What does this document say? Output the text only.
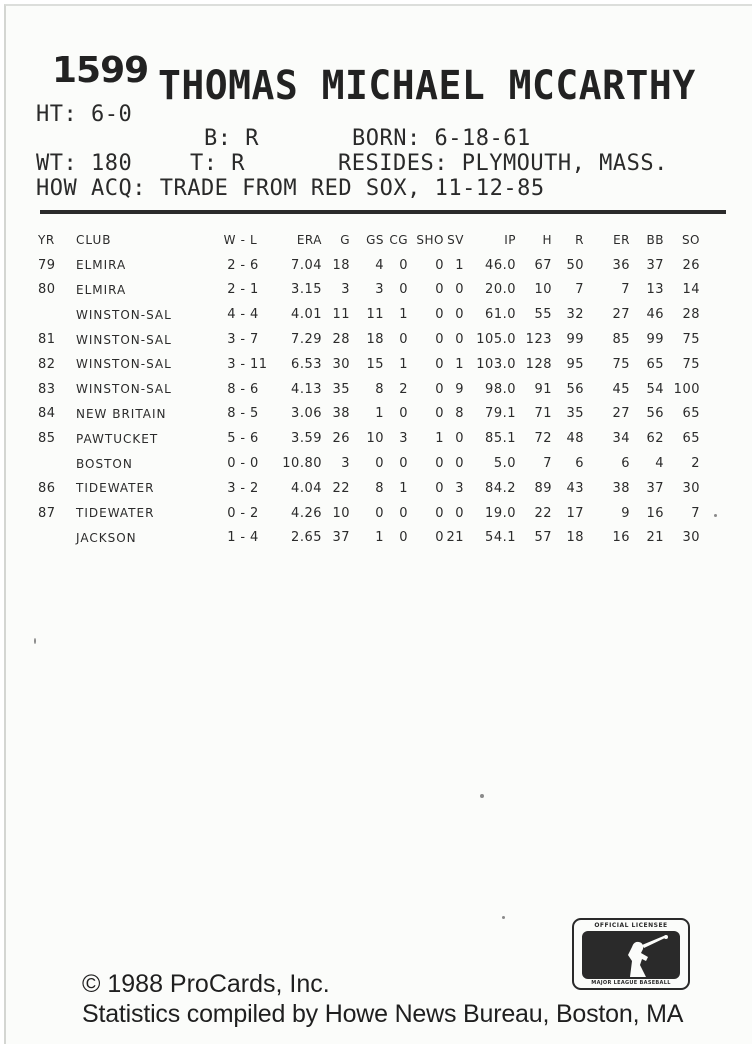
1599 THOMAS MICHAEL MCCARTHY
HT: 6-0
B: R	BORN: 6-18-61
WT: 180	T: R	RESIDES: PLYMOUTH, MASS.
HOW ACQ: TRADE FROM RED SOX, 11-12-85
YR	CLUB	W	-	L	ERA	G	GS	CG	SHO	SV	IP	H	R	ER	BB	SO
79	ELMIRA	2	-	6	7.04	18	4	0	0	1	46.0	67	50	36	37	26
80	ELMIRA	2	-	1	3.15	3	3	0	0	0	20.0	10	7	7	13	14
	WINSTON-SAL	4	-	4	4.01	11	11	1	0	0	61.0	55	32	27	46	28
81	WINSTON-SAL	3	-	7	7.29	28	18	0	0	0	105.0	123	99	85	99	75
82	WINSTON-SAL	3	-	11	6.53	30	15	1	0	1	103.0	128	95	75	65	75
83	WINSTON-SAL	8	-	6	4.13	35	8	2	0	9	98.0	91	56	45	54	100
84	NEW BRITAIN	8	-	5	3.06	38	1	0	0	8	79.1	71	35	27	56	65
85	PAWTUCKET	5	-	6	3.59	26	10	3	1	0	85.1	72	48	34	62	65
	BOSTON	0	-	0	10.80	3	0	0	0	0	5.0	7	6	6	4	2
86	TIDEWATER	3	-	2	4.04	22	8	1	0	3	84.2	89	43	38	37	30
87	TIDEWATER	0	-	2	4.26	10	0	0	0	0	19.0	22	17	9	16	7
	JACKSON	1	-	4	2.65	37	1	0	0	21	54.1	57	18	16	21	30
OFFICIAL LICENSEE
MAJOR LEAGUE BASEBALL
© 1988 ProCards, Inc.
Statistics compiled by Howe News Bureau, Boston, MA
